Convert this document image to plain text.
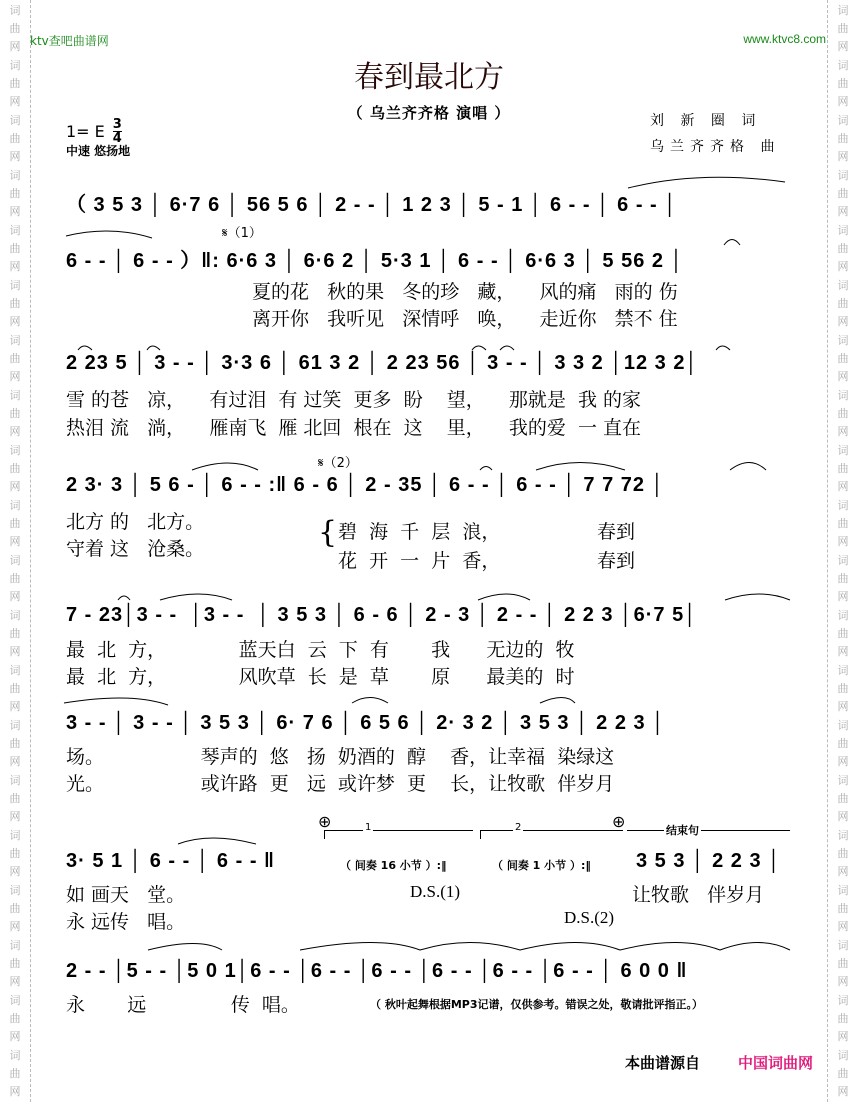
词
曲
网
词
曲
网
词
曲
网
词
曲
网
词
曲
网
词
曲
网
词
曲
网
词
曲
网
词
曲
网
词
曲
网
词
曲
网
词
曲
网
词
曲
网
词
曲
网
词
曲
网
词
曲
网
词
曲
网
词
曲
网
词
曲
网
词
曲
网
词
曲
网
词
曲
网
词
曲
网
词
曲
网
词
曲
网
词
曲
网
词
曲
网
词
曲
网
词
曲
网
词
曲
网
词
曲
网
词
曲
网
词
曲
网
词
曲
网
词
曲
网
词
曲
网
词
曲
网
词
曲
网
词
曲
网
词
曲
网
ktv查吧曲谱网	www.ktvc8.com
春到最北方
（ 乌兰齐齐格 演唱 ）
1= E $\frac{3}{4}$
中速 悠扬地
刘 新 圈 词
乌兰齐齐格 曲
（ 3 5 3 │ 6·7 6 │ 56 5 6 │ 2 - - │ 1 2 3 │ 5 - 1 │ 6 - - │ 6 - - │
𝄋（1）
6 - - │ 6 - - ）‖: 6·6 3 │ 6·6 2 │ 5·3 1 │ 6 - - │ 6·6 3 │ 5 56 2 │
夏的花   秋的果   冬的珍   藏，    风的痛   雨的 伤
离开你   我听见   深情呼   唤，    走近你   禁不 住
2 23 5 │ 3 - - │ 3·3 6 │ 61 3 2 │ 2 23 56 │ 3 - - │ 3 3 2 │12 3 2│
雪 的苍   凉，    有过泪  有 过笑  更多  盼    望，    那就是  我 的家
热泪 流   淌，    雁南飞  雁 北回  根在  这    里，    我的爱  一 直在
𝄋（2）
2 3· 3 │ 5 6 - │ 6 - - :‖ 6 - 6 │ 2 - 35 │ 6 - - │ 6 - - │ 7 7 72 │
北方 的   北方。
守着 这   沧桑。	{ 碧  海  千  层  浪，                春到
花  开  一  片  香，                春到
7 - 23│3 - -  │3 - -  │ 3 5 3 │ 6 - 6 │ 2 - 3 │ 2 - - │ 2 2 3 │6·7 5│
最  北  方，            蓝天白  云  下  有       我      无边的  牧
最  北  方，            风吹草  长  是  草       原      最美的  时
3 - - │ 3 - - │ 3 5 3 │ 6· 7 6 │ 6 5 6 │ 2· 3 2 │ 3 5 3 │ 2 2 3 │
场。                琴声的  悠   扬  奶酒的  醇    香，让幸福  染绿这
光。                或许路  更   远  或许梦  更    长，让牧歌  伴岁月
⊕	⊕
1	2	结束句
3· 5 1 │ 6 - - │ 6 - - ‖	（ 间奏 16 小节 ）:‖	（ 间奏 1 小节 ）:‖ 3 5 3 │ 2 2 3 │
如 画天   堂。
永 远传   唱。
D.S.(1)
D.S.(2)
让牧歌   伴岁月
2 - - │5 - - │5 0 1│6 - - │6 - - │6 - - │6 - - │6 - - │6 - - │ 6 0 0 ‖
永       远              传  唱。	（ 秋叶起舞根据MP3记谱，仅供参考。错误之处，敬请批评指正。）
本曲谱源自	中国词曲网
